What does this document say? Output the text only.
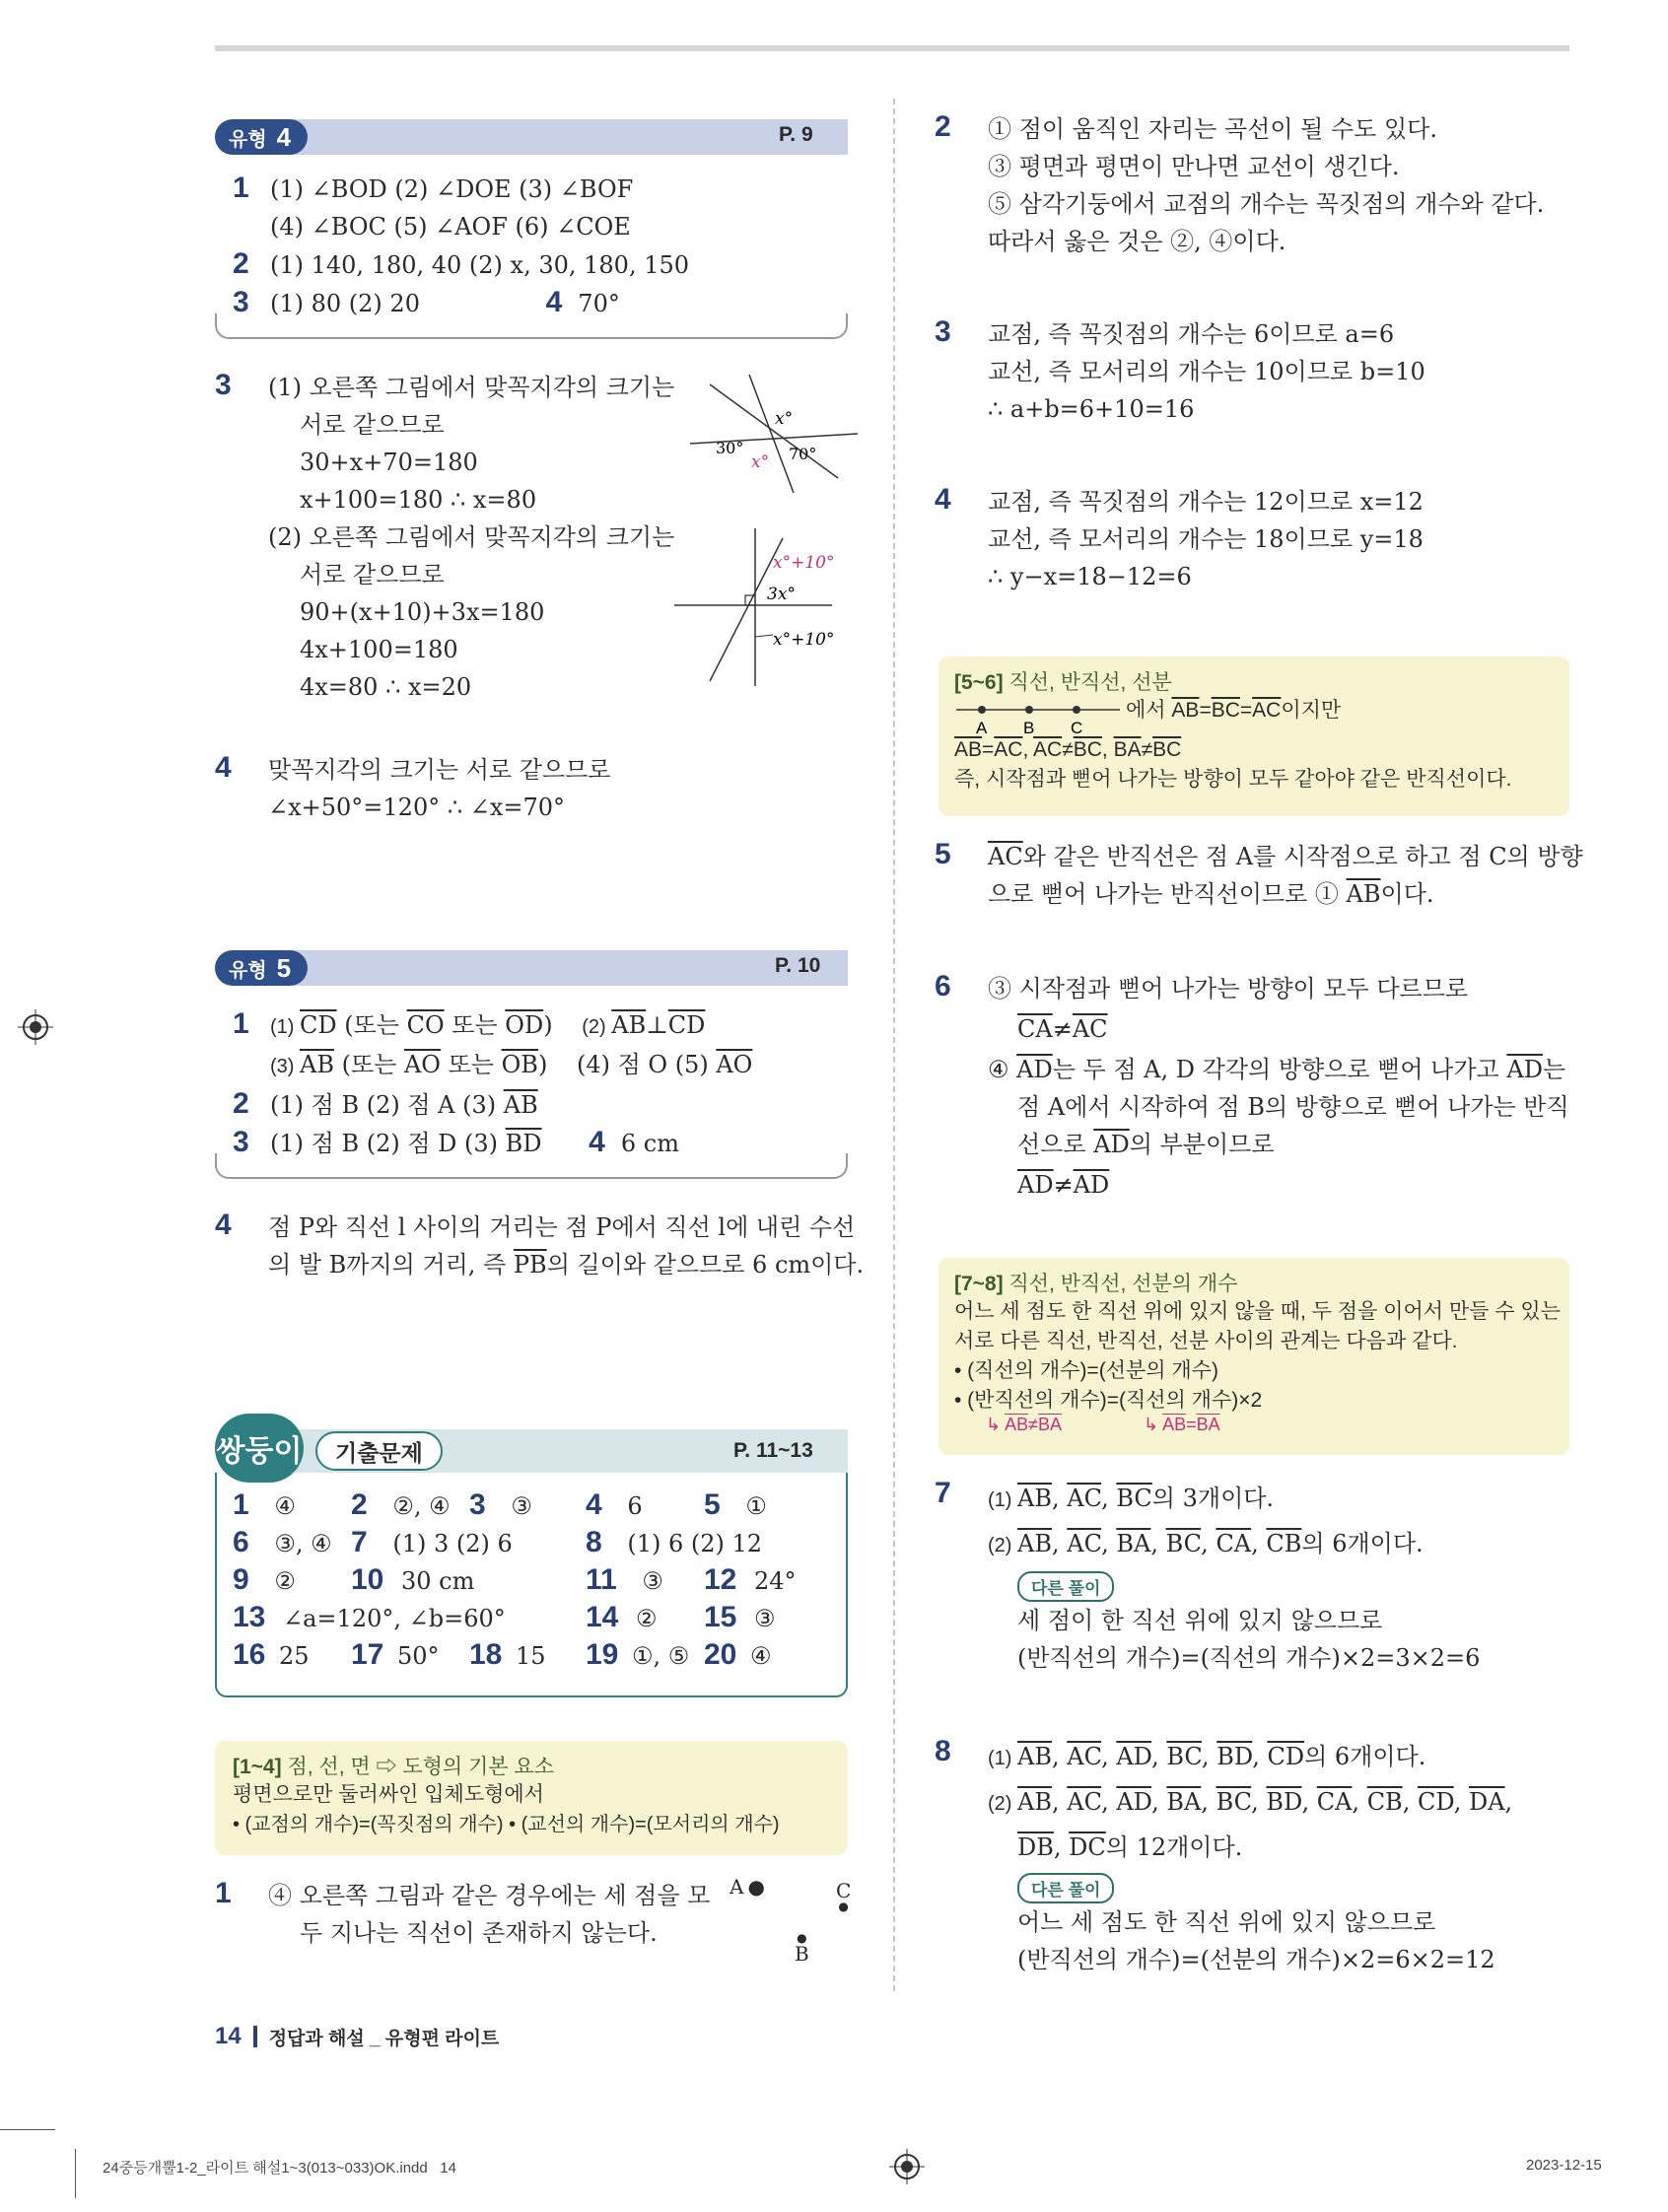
유형 4	P. 9
1 (1) ∠BOD (2) ∠DOE (3) ∠BOF
(4) ∠BOC (5) ∠AOF (6) ∠COE
2 (1) 140, 180, 40 (2) x, 30, 180, 150
3 (1) 80 (2) 20	4 70°
3 (1) 오른쪽 그림에서 맞꼭지각의 크기는
서로 같으므로
30+x+70=180
x+100=180 ∴ x=80
(2) 오른쪽 그림에서 맞꼭지각의 크기는
서로 같으므로
90+(x+10)+3x=180
4x+100=180
4x=80 ∴ x=20
x°
30°	70°
x°
x°+10°
3x°
x°+10°
4 맞꼭지각의 크기는 서로 같으므로
∠x+50°=120° ∴ ∠x=70°
유형 5	P. 10
1 (1) $\overline{CD}$ (또는 $\overline{CO}$ 또는 $\overline{OD}$) (2) $\overline{AB}\perp\overline{CD}$
(3) $\overline{AB}$ (또는 $\overline{AO}$ 또는 $\overline{OB}$) (4) 점 O (5) $\overline{AO}$
2 (1) 점 B (2) 점 A (3) $\overline{AB}$
3 (1) 점 B (2) 점 D (3) $\overline{BD}$ 4 6 cm
4 점 P와 직선 l 사이의 거리는 점 P에서 직선 l에 내린 수선
의 발 B까지의 거리, 즉 $\overline{PB}$의 길이와 같으므로 6 cm이다.
쌍둥이 기출문제	P. 11~13
1 ④ 2 ②, ④ 3 ③ 4 6 5 ①
6 ③, ④ 7 (1) 3 (2) 6 8 (1) 6 (2) 12
9 ② 10 30 cm	11 ③ 12 24°
13 ∠a=120°, ∠b=60°	14 ② 15 ③
16 25 17 50° 18 15 19 ①, ⑤ 20 ④
[1~4] 점, 선, 면 ⇨ 도형의 기본 요소
평면으로만 둘러싸인 입체도형에서
• (교점의 개수)=(꼭짓점의 개수) • (교선의 개수)=(모서리의 개수)
1 ④ 오른쪽 그림과 같은 경우에는 세 점을 모
두 지나는 직선이 존재하지 않는다.
A ●	C
●
●
B
14 정답과 해설 _ 유형편 라이트
2 ① 점이 움직인 자리는 곡선이 될 수도 있다.
③ 평면과 평면이 만나면 교선이 생긴다.
⑤ 삼각기둥에서 교점의 개수는 꼭짓점의 개수와 같다.
따라서 옳은 것은 ②, ④이다.
3 교점, 즉 꼭짓점의 개수는 6이므로 a=6
교선, 즉 모서리의 개수는 10이므로 b=10
∴ a+b=6+10=16
4 교점, 즉 꼭짓점의 개수는 12이므로 x=12
교선, 즉 모서리의 개수는 18이므로 y=18
∴ y−x=18−12=6
[5~6] 직선, 반직선, 선분
A B C
에서 $\overline{AB}=\overline{BC}=\overline{AC}$이지만
$\overline{AB}=\overline{AC}$, $\overline{AC}\ne\overline{BC}$, $\overline{BA}\ne\overline{BC}$
즉, 시작점과 뻗어 나가는 방향이 모두 같아야 같은 반직선이다.
5 $\overline{AC}$와 같은 반직선은 점 A를 시작점으로 하고 점 C의 방향
으로 뻗어 나가는 반직선이므로 ① $\overline{AB}$이다.
6 ③ 시작점과 뻗어 나가는 방향이 모두 다르므로
$\overline{CA}\ne\overline{AC}$
④ $\overline{AD}$는 두 점 A, D 각각의 방향으로 뻗어 나가고 $\overline{AD}$는
점 A에서 시작하여 점 B의 방향으로 뻗어 나가는 반직
선으로 $\overline{AD}$의 부분이므로
$\overline{AD}\ne\overline{AD}$
[7~8] 직선, 반직선, 선분의 개수
어느 세 점도 한 직선 위에 있지 않을 때, 두 점을 이어서 만들 수 있는
서로 다른 직선, 반직선, 선분 사이의 관계는 다음과 같다.
• (직선의 개수)=(선분의 개수)
• (반직선의 개수)=(직선의 개수)×2
↳ $\overline{AB}\ne\overline{BA}$	↳ $\overline{AB}=\overline{BA}$
7 (1) $\overline{AB}$, $\overline{AC}$, $\overline{BC}$의 3개이다.
(2) $\overline{AB}$, $\overline{AC}$, $\overline{BA}$, $\overline{BC}$, $\overline{CA}$, $\overline{CB}$의 6개이다.
다른 풀이
세 점이 한 직선 위에 있지 않으므로
(반직선의 개수)=(직선의 개수)×2=3×2=6
8 (1) $\overline{AB}$, $\overline{AC}$, $\overline{AD}$, $\overline{BC}$, $\overline{BD}$, $\overline{CD}$의 6개이다.
(2) $\overline{AB}$, $\overline{AC}$, $\overline{AD}$, $\overline{BA}$, $\overline{BC}$, $\overline{BD}$, $\overline{CA}$, $\overline{CB}$, $\overline{CD}$, $\overline{DA}$,
$\overline{DB}$, $\overline{DC}$의 12개이다.
다른 풀이
어느 세 점도 한 직선 위에 있지 않으므로
(반직선의 개수)=(선분의 개수)×2=6×2=12
24중등개뿔1-2_라이트 해설1~3(013~033)OK.indd   14	2023-12-15
